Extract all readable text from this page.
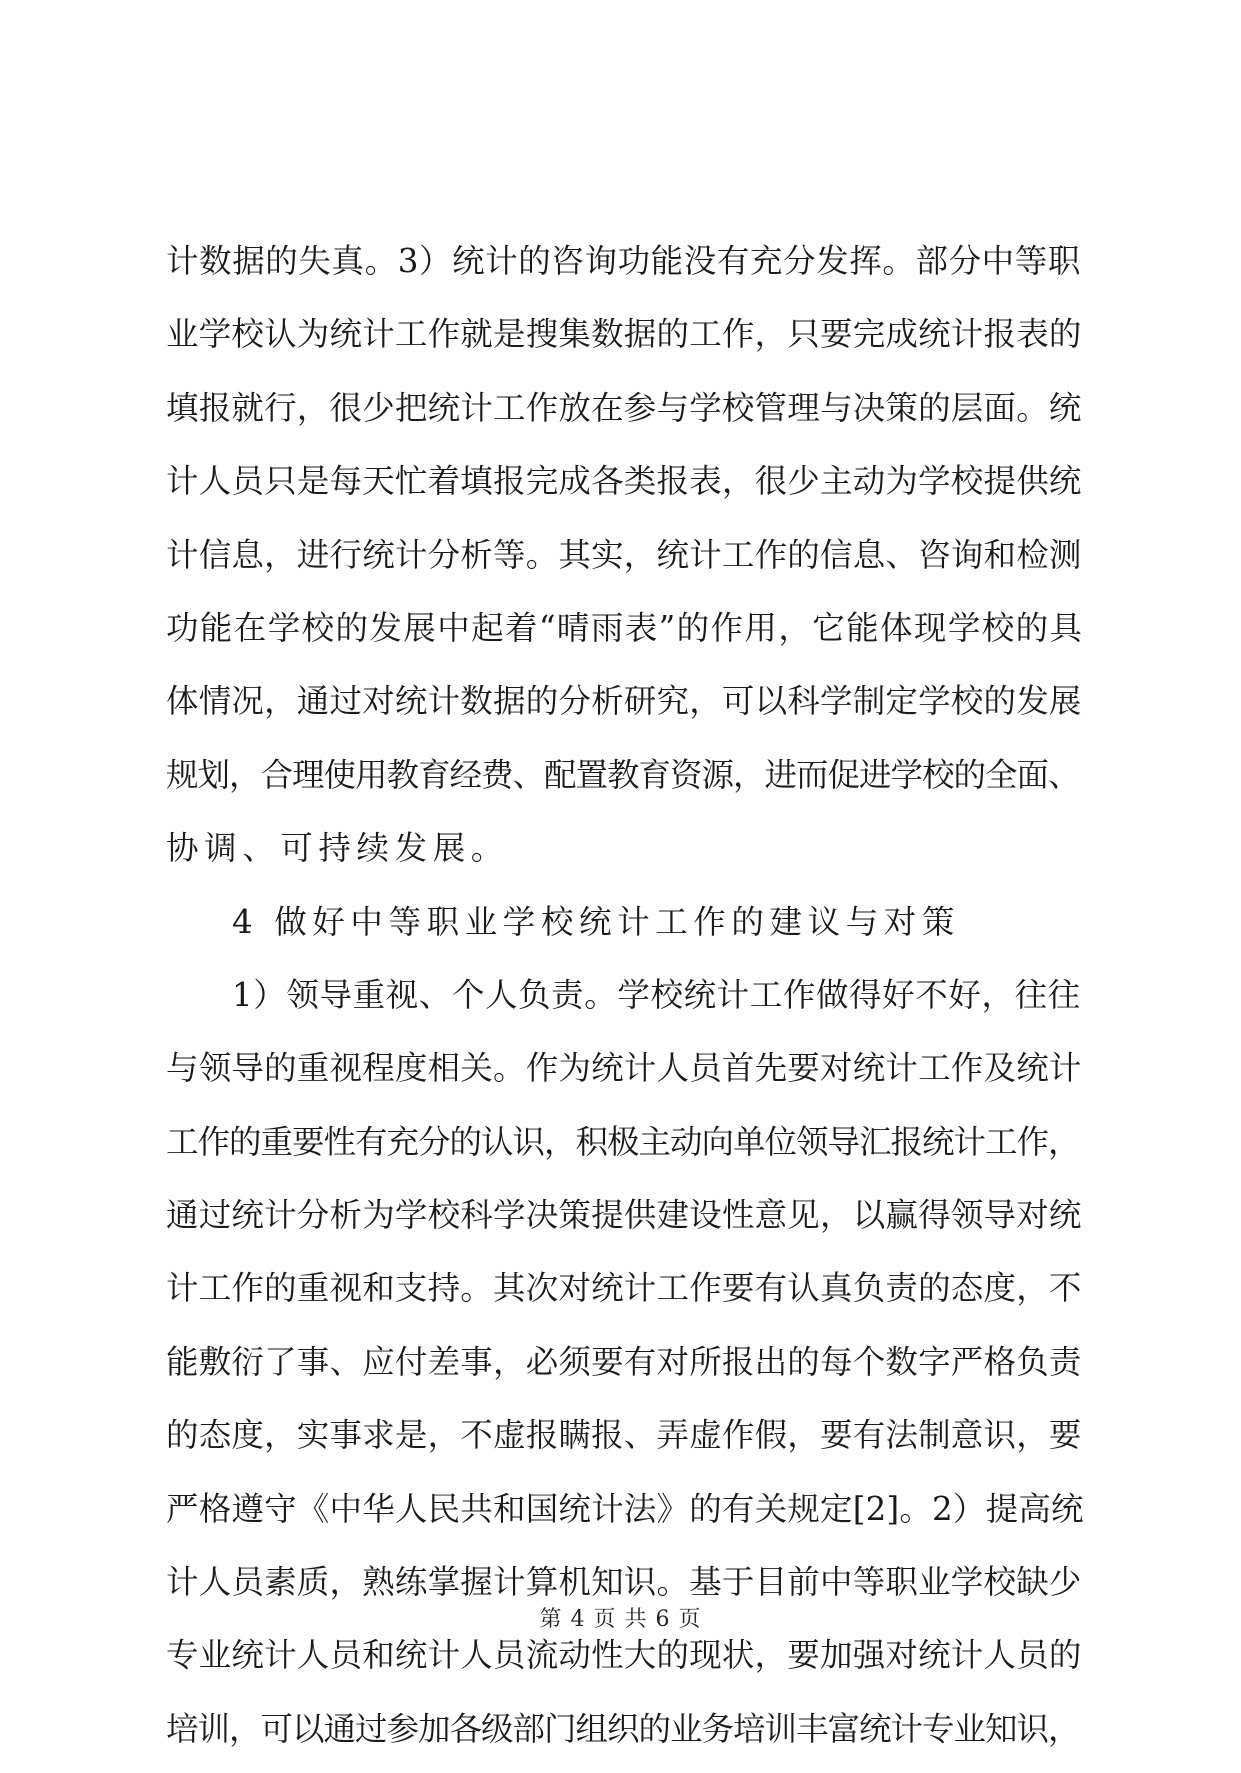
计数据的失真。3）统计的咨询功能没有充分发挥。部分中等职
业学校认为统计工作就是搜集数据的工作，只要完成统计报表的
填报就行，很少把统计工作放在参与学校管理与决策的层面。统
计人员只是每天忙着填报完成各类报表，很少主动为学校提供统
计信息，进行统计分析等。其实，统计工作的信息、咨询和检测
功能在学校的发展中起着“晴雨表”的作用，它能体现学校的具
体情况，通过对统计数据的分析研究，可以科学制定学校的发展
规划，合理使用教育经费、配置教育资源，进而促进学校的全面、
协调、可持续发展。
4 做好中等职业学校统计工作的建议与对策
1）领导重视、个人负责。学校统计工作做得好不好，往往
与领导的重视程度相关。作为统计人员首先要对统计工作及统计
工作的重要性有充分的认识，积极主动向单位领导汇报统计工作，
通过统计分析为学校科学决策提供建设性意见，以赢得领导对统
计工作的重视和支持。其次对统计工作要有认真负责的态度，不
能敷衍了事、应付差事，必须要有对所报出的每个数字严格负责
的态度，实事求是，不虚报瞒报、弄虚作假，要有法制意识，要
严格遵守《中华人民共和国统计法》的有关规定[2]。2）提高统
计人员素质，熟练掌握计算机知识。基于目前中等职业学校缺少
专业统计人员和统计人员流动性大的现状，要加强对统计人员的
培训，可以通过参加各级部门组织的业务培训丰富统计专业知识，
第 4 页 共 6 页
